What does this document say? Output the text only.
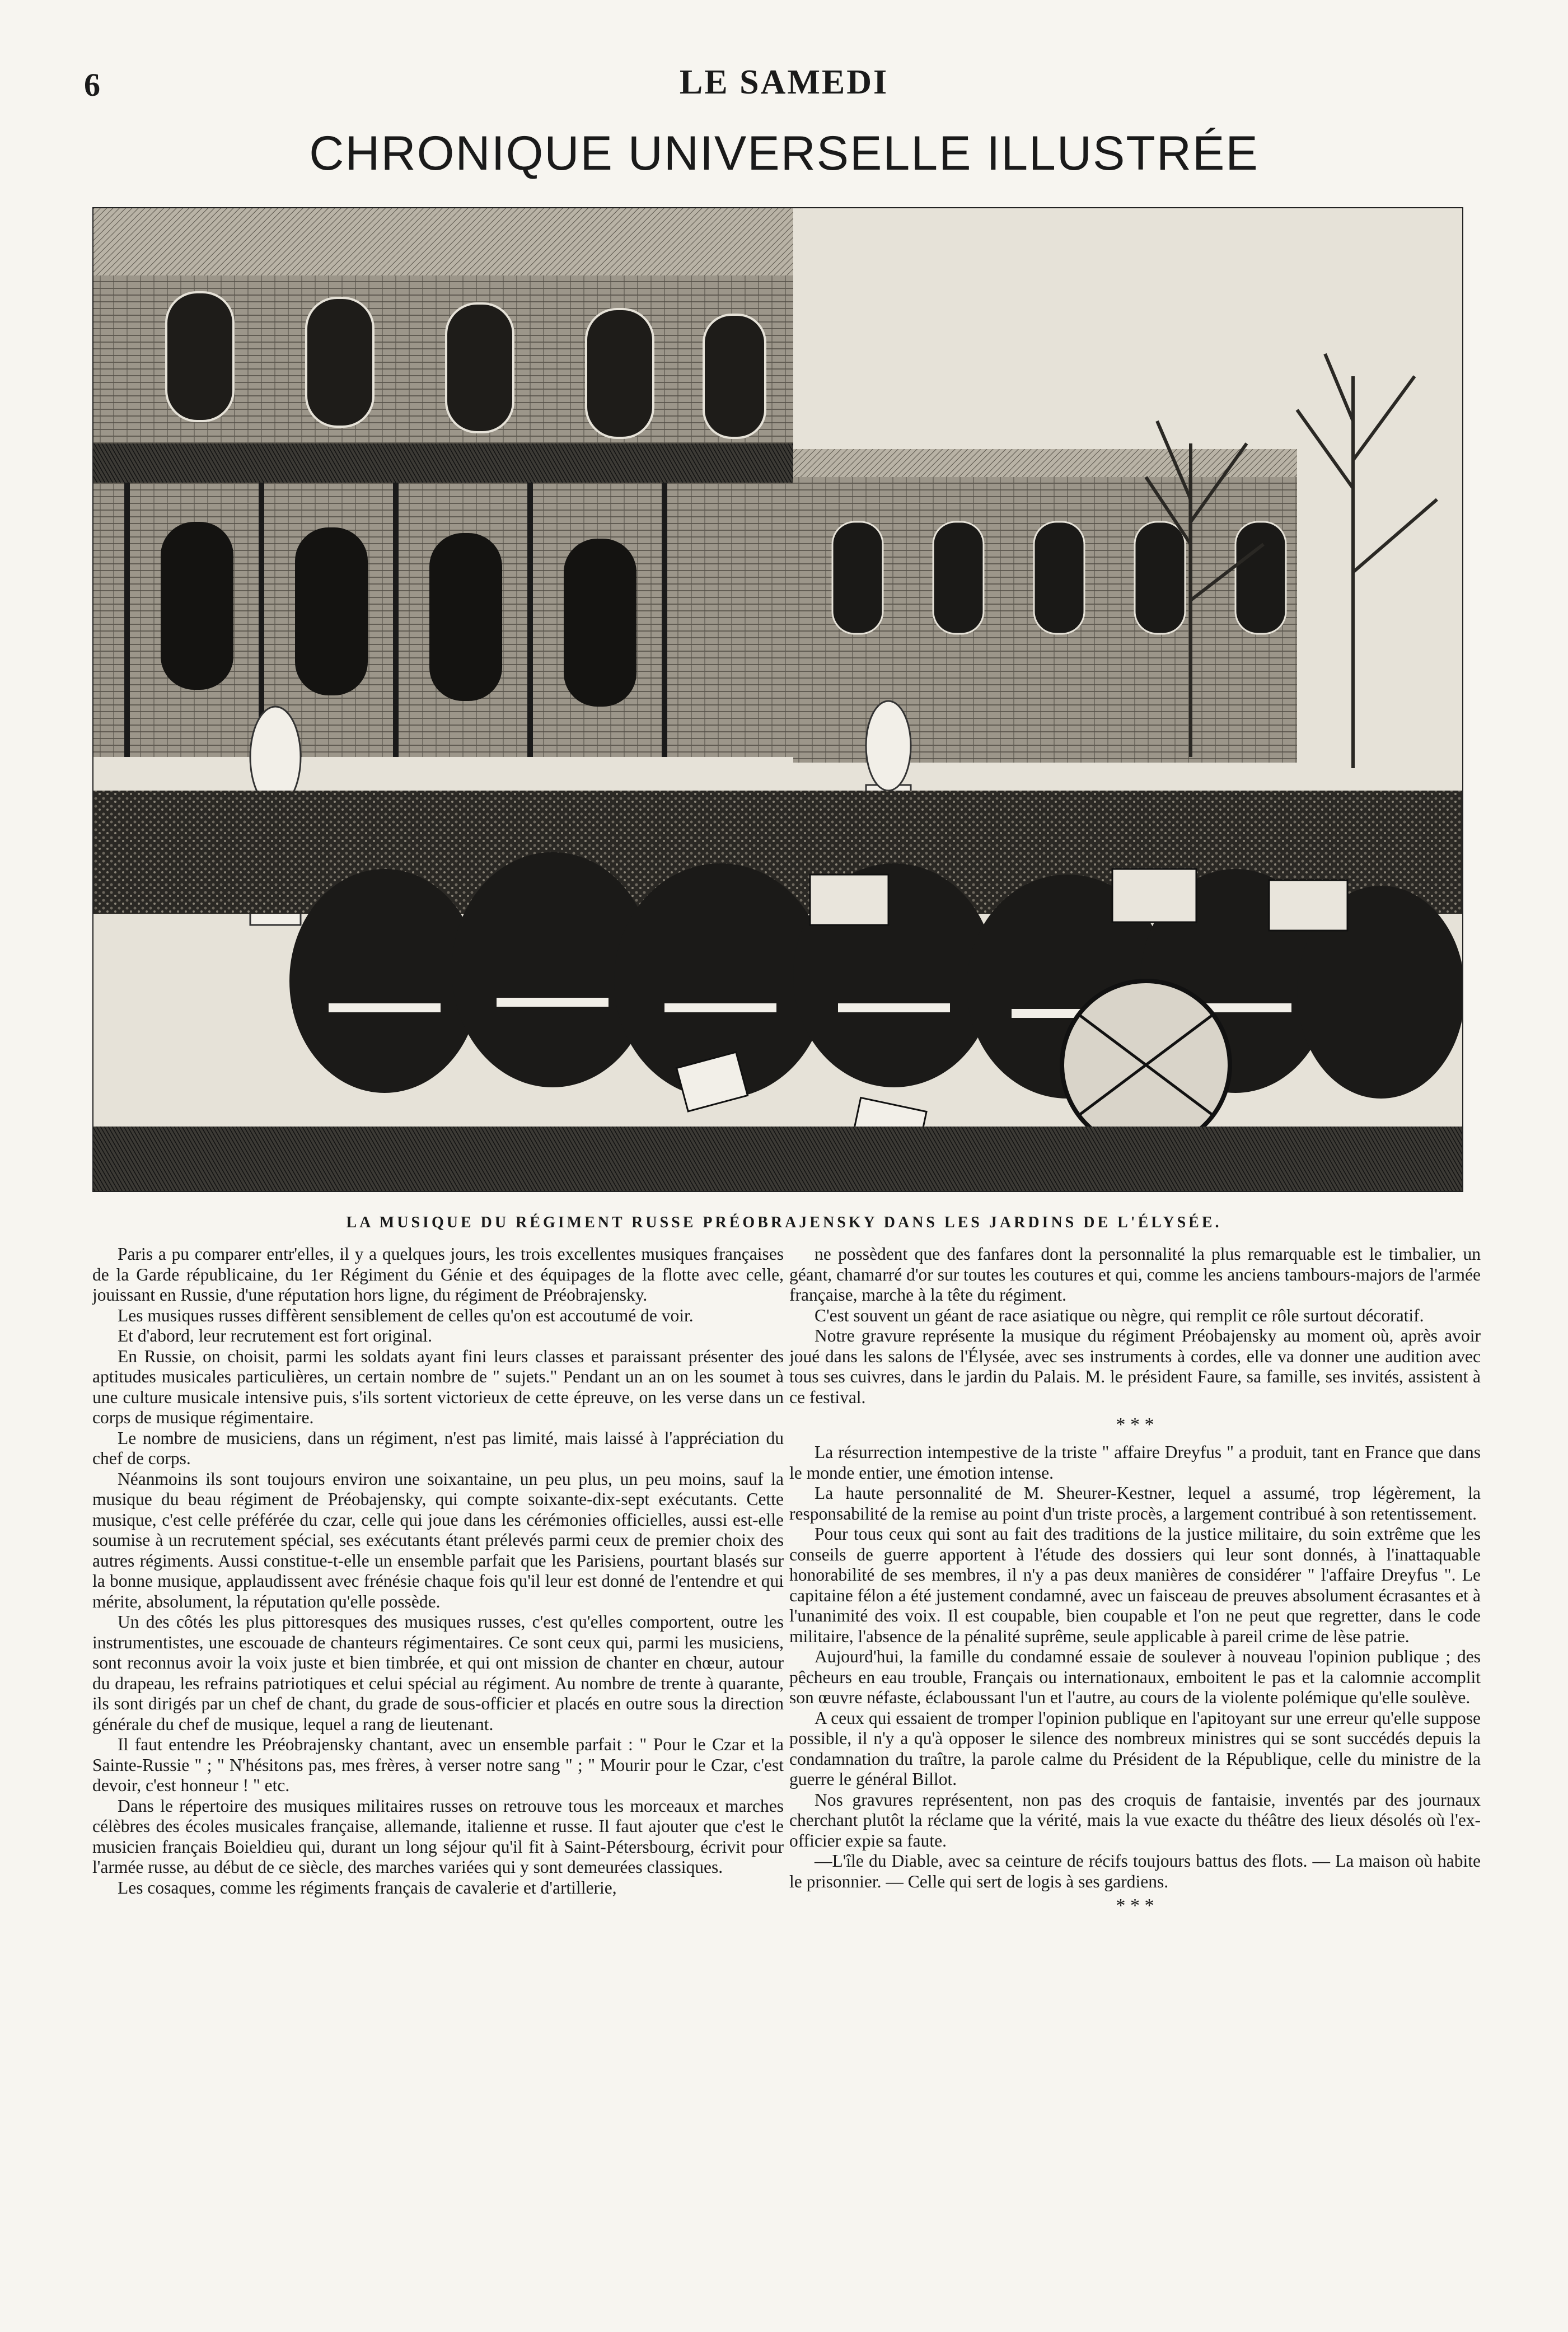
6	LE SAMEDI
CHRONIQUE UNIVERSELLE ILLUSTRÉE
LA MUSIQUE DU RÉGIMENT RUSSE PRÉOBRAJENSKY DANS LES JARDINS DE L'ÉLYSÉE.

Paris a pu comparer entr'elles, il y a quelques jours, les trois excellentes musiques françaises de la Garde républicaine, du 1er Régiment du Génie et des équipages de la flotte avec celle, jouissant en Russie, d'une réputation hors ligne, du régiment de Préobrajensky.

Les musiques russes diffèrent sensiblement de celles qu'on est accoutumé de voir.

Et d'abord, leur recrutement est fort original.

En Russie, on choisit, parmi les soldats ayant fini leurs classes et paraissant présenter des aptitudes musicales particulières, un certain nombre de " sujets." Pendant un an on les soumet à une culture musicale intensive puis, s'ils sortent victorieux de cette épreuve, on les verse dans un corps de musique régimentaire.

Le nombre de musiciens, dans un régiment, n'est pas limité, mais laissé à l'appréciation du chef de corps.

Néanmoins ils sont toujours environ une soixantaine, un peu plus, un peu moins, sauf la musique du beau régiment de Préobajensky, qui compte soixante-dix-sept exécutants. Cette musique, c'est celle préférée du czar, celle qui joue dans les cérémonies officielles, aussi est-elle soumise à un recrutement spécial, ses exécutants étant prélevés parmi ceux de premier choix des autres régiments. Aussi constitue-t-elle un ensemble parfait que les Parisiens, pourtant blasés sur la bonne musique, applaudissent avec frénésie chaque fois qu'il leur est donné de l'entendre et qui mérite, absolument, la réputation qu'elle possède.

Un des côtés les plus pittoresques des musiques russes, c'est qu'elles comportent, outre les instrumentistes, une escouade de chanteurs régimentaires. Ce sont ceux qui, parmi les musiciens, sont reconnus avoir la voix juste et bien timbrée, et qui ont mission de chanter en chœur, autour du drapeau, les refrains patriotiques et celui spécial au régiment. Au nombre de trente à quarante, ils sont dirigés par un chef de chant, du grade de sous-officier et placés en outre sous la direction générale du chef de musique, lequel a rang de lieutenant.

Il faut entendre les Préobrajensky chantant, avec un ensemble parfait : " Pour le Czar et la Sainte-Russie " ; " N'hésitons pas, mes frères, à verser notre sang " ; " Mourir pour le Czar, c'est devoir, c'est honneur ! " etc.

Dans le répertoire des musiques militaires russes on retrouve tous les morceaux et marches célèbres des écoles musicales française, allemande, italienne et russe. Il faut ajouter que c'est le musicien français Boieldieu qui, durant un long séjour qu'il fit à Saint-Pétersbourg, écrivit pour l'armée russe, au début de ce siècle, des marches variées qui y sont demeurées classiques.

Les cosaques, comme les régiments français de cavalerie et d'artillerie,

ne possèdent que des fanfares dont la personnalité la plus remarquable est le timbalier, un géant, chamarré d'or sur toutes les coutures et qui, comme les anciens tambours-majors de l'armée française, marche à la tête du régiment.

C'est souvent un géant de race asiatique ou nègre, qui remplit ce rôle surtout décoratif.

Notre gravure représente la musique du régiment Préobajensky au moment où, après avoir joué dans les salons de l'Élysée, avec ses instruments à cordes, elle va donner une audition avec tous ses cuivres, dans le jardin du Palais. M. le président Faure, sa famille, ses invités, assistent à ce festival.

* * *

La résurrection intempestive de la triste " affaire Dreyfus " a produit, tant en France que dans le monde entier, une émotion intense.

La haute personnalité de M. Sheurer-Kestner, lequel a assumé, trop légèrement, la responsabilité de la remise au point d'un triste procès, a largement contribué à son retentissement.

Pour tous ceux qui sont au fait des traditions de la justice militaire, du soin extrême que les conseils de guerre apportent à l'étude des dossiers qui leur sont donnés, à l'inattaquable honorabilité de ses membres, il n'y a pas deux manières de considérer " l'affaire Dreyfus ". Le capitaine félon a été justement condamné, avec un faisceau de preuves absolument écrasantes et à l'unanimité des voix. Il est coupable, bien coupable et l'on ne peut que regretter, dans le code militaire, l'absence de la pénalité suprême, seule applicable à pareil crime de lèse patrie.

Aujourd'hui, la famille du condamné essaie de soulever à nouveau l'opinion publique ; des pêcheurs en eau trouble, Français ou internationaux, emboitent le pas et la calomnie accomplit son œuvre néfaste, éclaboussant l'un et l'autre, au cours de la violente polémique qu'elle soulève.

A ceux qui essaient de tromper l'opinion publique en l'apitoyant sur une erreur qu'elle suppose possible, il n'y a qu'à opposer le silence des nombreux ministres qui se sont succédés depuis la condamnation du traître, la parole calme du Président de la République, celle du ministre de la guerre le général Billot.

Nos gravures représentent, non pas des croquis de fantaisie, inventés par des journaux cherchant plutôt la réclame que la vérité, mais la vue exacte du théâtre des lieux désolés où l'ex-officier expie sa faute.

—L'île du Diable, avec sa ceinture de récifs toujours battus des flots. — La maison où habite le prisonnier. — Celle qui sert de logis à ses gardiens.

* * *
